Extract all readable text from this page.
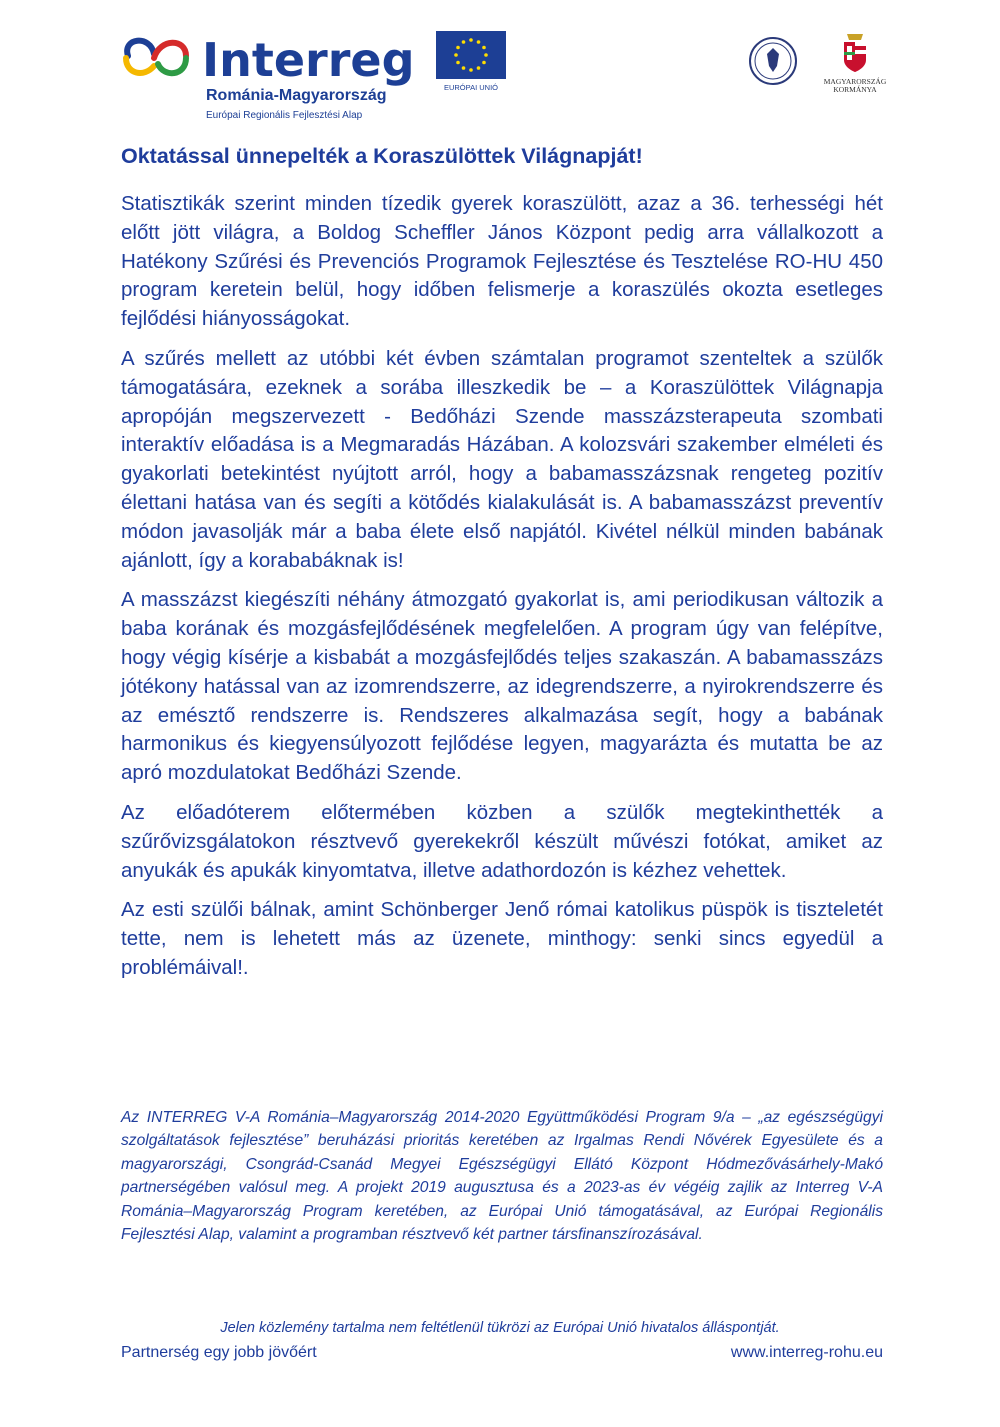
Interreg
Románia-Magyarország
Európai Regionális Fejlesztési Alap
EURÓPAI UNIÓ
MAGYARORSZÁG
KORMÁNYA
Oktatással ünnepelték a Koraszülöttek Világnapját!

Statisztikák szerint minden tízedik gyerek koraszülött, azaz a 36. terhességi hét előtt jött világra, a Boldog Scheffler János Központ pedig arra vállalkozott a Hatékony Szűrési és Prevenciós Programok Fejlesztése és Tesztelése RO-HU 450 program keretein belül, hogy időben felismerje a koraszülés okozta esetleges fejlődési hiányosságokat.

A szűrés mellett az utóbbi két évben számtalan programot szenteltek a szülők támogatására, ezeknek a sorába illeszkedik be – a Koraszülöttek Világnapja apropóján megszervezett - Bedőházi Szende masszázsterapeuta szombati interaktív előadása is a Megmaradás Házában. A kolozsvári szakember elméleti és gyakorlati betekintést nyújtott arról, hogy a babamasszázsnak rengeteg pozitív élettani hatása van és segíti a kötődés kialakulását is. A babamasszázst preventív módon javasolják már a baba élete első napjától. Kivétel nélkül minden babának ajánlott, így a korababáknak is!

A masszázst kiegészíti néhány átmozgató gyakorlat is, ami periodikusan változik a baba korának és mozgásfejlődésének megfelelően. A program úgy van felépítve, hogy végig kísérje a kisbabát a mozgásfejlődés teljes szakaszán. A babamasszázs jótékony hatással van az izomrendszerre, az idegrendszerre, a nyirokrendszerre és az emésztő rendszerre is. Rendszeres alkalmazása segít, hogy a babának harmonikus és kiegyensúlyozott fejlődése legyen, magyarázta és mutatta be az apró mozdulatokat Bedőházi Szende.

Az előadóterem előtermében közben a szülők megtekinthették a szűrővizsgálatokon résztvevő gyerekekről készült művészi fotókat, amiket az anyukák és apukák kinyomtatva, illetve adathordozón is kézhez vehettek.

Az esti szülői bálnak, amint Schönberger Jenő római katolikus püspök is tiszteletét tette, nem is lehetett más az üzenete, minthogy: senki sincs egyedül a problémáival!.

Az INTERREG V-A Románia–Magyarország 2014-2020 Együttműködési Program 9/a – „az egészségügyi szolgáltatások fejlesztése” beruházási prioritás keretében az Irgalmas Rendi Nővérek Egyesülete és a magyarországi, Csongrád-Csanád Megyei Egészségügyi Ellátó Központ Hódmezővásárhely-Makó partnerségében valósul meg. A projekt 2019 augusztusa és a 2023-as év végéig zajlik az Interreg V-A Románia–Magyarország Program keretében, az Európai Unió támogatásával, az Európai Regionális Fejlesztési Alap, valamint a programban résztvevő két partner társfinanszírozásával.

Jelen közlemény tartalma nem feltétlenül tükrözi az Európai Unió hivatalos álláspontját.
Partnerség egy jobb jövőért	www.interreg-rohu.eu
